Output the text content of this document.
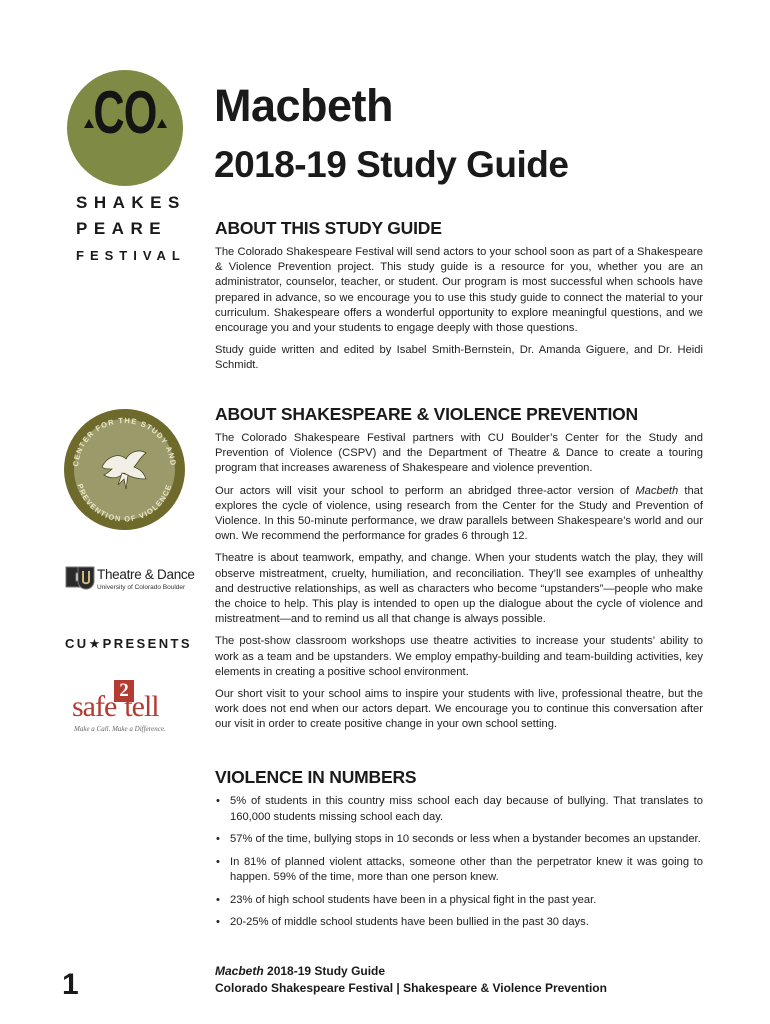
CO
SHAKES
PEARE
FESTIVAL
Macbeth
2018-19 Study Guide
ABOUT THIS STUDY GUIDE

The Colorado Shakespeare Festival will send actors to your school soon as part of a Shakespeare & Violence Prevention project. This study guide is a resource for you, whether you are an administrator, counselor, teacher, or student. Our program is most successful when schools have prepared in advance, so we encourage you to use this study guide to connect the material to your curriculum. Shakespeare offers a wonderful opportunity to explore meaningful questions, and we encourage you and your students to engage deeply with those questions.

Study guide written and edited by Isabel Smith-Bernstein, Dr. Amanda Giguere, and Dr. Heidi Schmidt.

ABOUT SHAKESPEARE & VIOLENCE PREVENTION

The Colorado Shakespeare Festival partners with CU Boulder’s Center for the Study and Prevention of Violence (CSPV) and the Department of Theatre & Dance to create a touring program that increases awareness of Shakespeare and violence prevention.

Our actors will visit your school to perform an abridged three-actor version of Macbeth that explores the cycle of violence, using research from the Center for the Study and Prevention of Violence. In this 50-minute performance, we draw parallels between Shakespeare’s world and our own. We recommend the performance for grades 6 through 12.

Theatre is about teamwork, empathy, and change. When your students watch the play, they will observe mistreatment, cruelty, humiliation, and reconciliation. They’ll see examples of unhealthy and destructive relationships, as well as characters who become “upstanders”—people who make the choice to help. This play is intended to open up the dialogue about the cycle of violence and mistreatment—and to remind us all that change is always possible.

The post-show classroom workshops use theatre activities to increase your students’ ability to work as a team and be upstanders. We employ empathy-building and team-building activities, key elements in creating a positive school environment.

Our short visit to your school aims to inspire your students with live, professional theatre, but the work does not end when our actors depart. We encourage you to continue this conversation after our visit in order to create positive change in your own school setting.

VIOLENCE IN NUMBERS
• 5% of students in this country miss school each day because of bullying. That translates to 160,000 students missing school each day.
• 57% of the time, bullying stops in 10 seconds or less when a bystander becomes an upstander.
• In 81% of planned violent attacks, someone other than the perpetrator knew it was going to happen. 59% of the time, more than one person knew.
• 23% of high school students have been in a physical fight in the past year.
• 20-25% of middle school students have been bullied in the past 30 days.
CENTER FOR THE STUDY AND
PREVENTION OF VIOLENCE
Theatre & Dance
University of Colorado Boulder
CU★PRESENTS
2
safe tell
Make a Call. Make a Difference.
1	Macbeth 2018-19 Study Guide
Colorado Shakespeare Festival | Shakespeare & Violence Prevention
